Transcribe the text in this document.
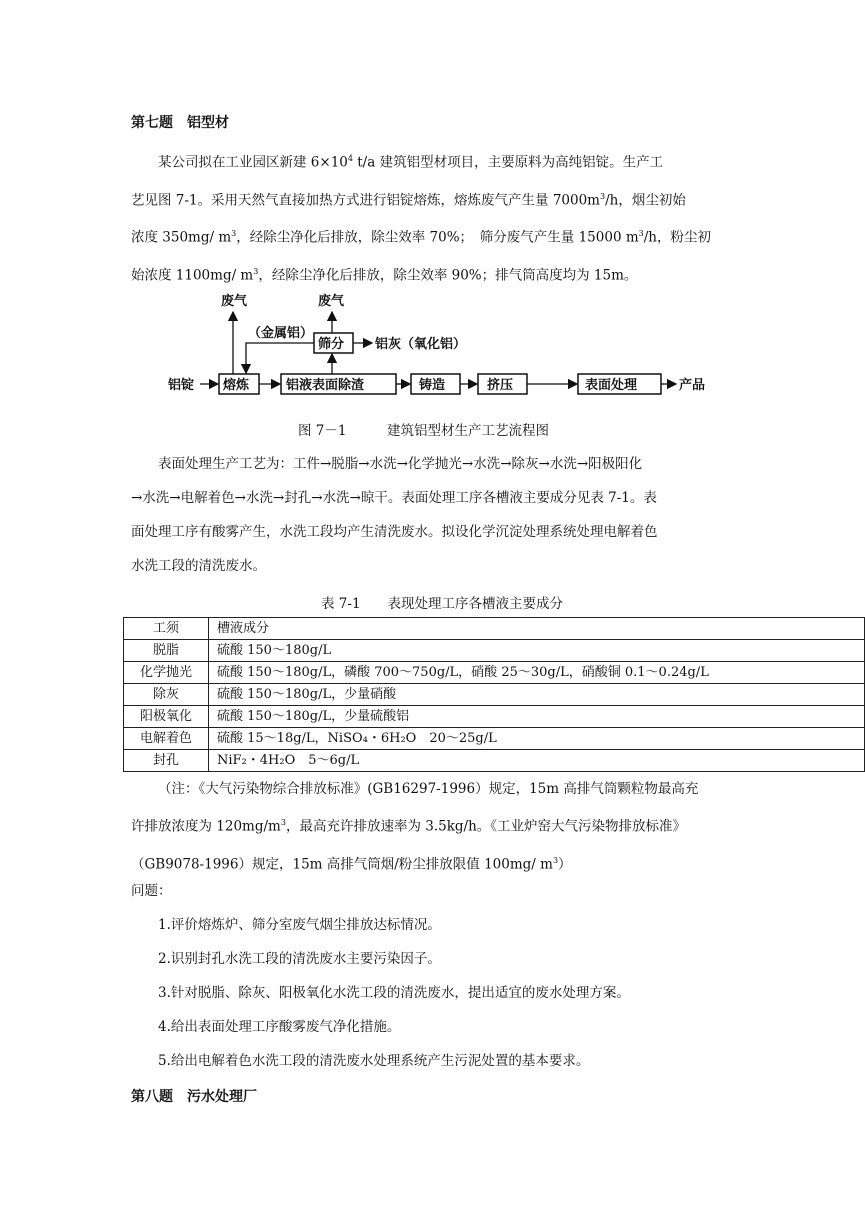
第七题　铝型材
某公司拟在工业园区新建 $6\times 10^4$ t/a 建筑铝型材项目，主要原料为高纯铝锭。生产工
艺见图 7-1。采用天然气直接加热方式进行铝锭熔炼，熔炼废气产生量 $7000m^3/h$，烟尘初始
浓度 350mg/ $m^3$，经除尘净化后排放，除尘效率 70%；　筛分废气产生量 15000 $m^3/h$，粉尘初
始浓度 1100mg/ $m^3$，经除尘净化后排放，除尘效率 90%；排气筒高度均为 15m。
废气	废气
（金属铝）
筛分 铝灰（氧化铝）
铝锭 熔炼	铝液表面除渣	铸造	挤压	表面处理	产品
图 7－1　　　建筑铝型材生产工艺流程图
表面处理生产工艺为：工件→脱脂→水洗→化学抛光→水洗→除灰→水洗→阳极阳化
→水洗→电解着色→水洗→封孔→水洗→晾干。表面处理工序各槽液主要成分见表 7-1。表
面处理工序有酸雾产生，水洗工段均产生清洗废水。拟设化学沉淀处理系统处理电解着色
水洗工段的清洗废水。
表 7-1　　表现处理工序各槽液主要成分
工须	槽液成分
脱脂	硫酸 150～180g/L
化学抛光	硫酸 150～180g/L，磷酸 700～750g/L，硝酸 25～30g/L，硝酸铜 0.1～0.24g/L
除灰	硫酸 150～180g/L，少量硝酸
阳极氧化	硫酸 150～180g/L，少量硫酸铝
电解着色	硫酸 15～18g/L，NiSO₄・6H₂O　20～25g/L
封孔	NiF₂・4H₂O　5～6g/L
（注：《大气污染物综合排放标准》(GB16297-1996）规定，15m 高排气筒颗粒物最高充
许排放浓度为 $120mg/m^3$，最高充许排放速率为 3.5kg/h。《工业炉窑大气污染物排放标准》
（GB9078-1996）规定，15m 高排气筒烟/粉尘排放限值 100mg/ $m^3$）
问题：
1.评价熔炼炉、筛分室废气烟尘排放达标情况。
2.识别封孔水洗工段的清洗废水主要污染因子。
3.针对脱脂、除灰、阳极氧化水洗工段的清洗废水，提出适宜的废水处理方案。
4.给出表面处理工序酸雾废气净化措施。
5.给出电解着色水洗工段的清洗废水处理系统产生污泥处置的基本要求。
第八题　污水处理厂
